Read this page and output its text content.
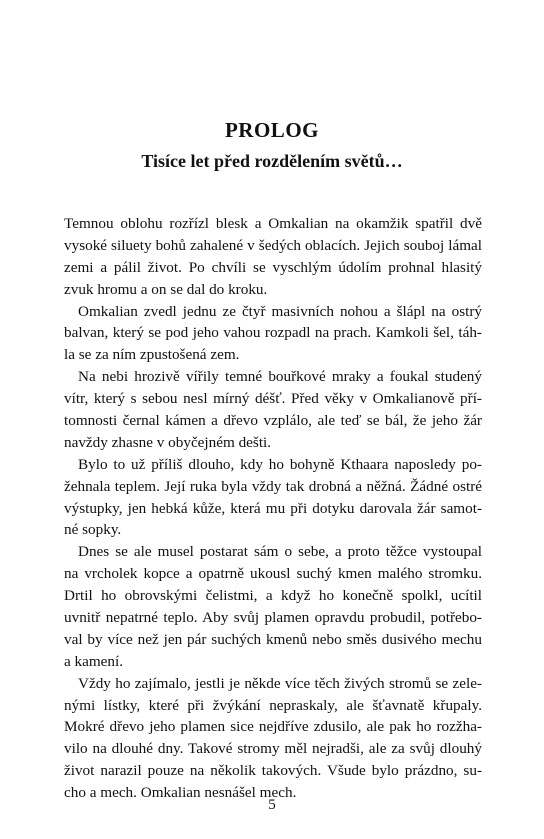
PROLOG
Tisíce let před rozdělením světů…
Temnou oblohu rozřízl blesk a Omkalian na okamžik spatřil dvě
vysoké siluety bohů zahalené v šedých oblacích. Jejich souboj lámal
zemi a pálil život. Po chvíli se vyschlým údolím prohnal hlasitý
zvuk hromu a on se dal do kroku.
Omkalian zvedl jednu ze čtyř masivních nohou a šlápl na ostrý
balvan, který se pod jeho vahou rozpadl na prach. Kamkoli šel, táh-
la se za ním zpustošená zem.
Na nebi hrozivě vířily temné bouřkové mraky a foukal studený
vítr, který s sebou nesl mírný déšť. Před věky v Omkalianově pří-
tomnosti černal kámen a dřevo vzplálo, ale teď se bál, že jeho žár
navždy zhasne v obyčejném dešti.
Bylo to už příliš dlouho, kdy ho bohyně Kthaara naposledy po-
žehnala teplem. Její ruka byla vždy tak drobná a něžná. Žádné ostré
výstupky, jen hebká kůže, která mu při dotyku darovala žár samot-
né sopky.
Dnes se ale musel postarat sám o sebe, a proto těžce vystoupal
na vrcholek kopce a opatrně ukousl suchý kmen malého stromku.
Drtil ho obrovskými čelistmi, a když ho konečně spolkl, ucítil
uvnitř nepatrné teplo. Aby svůj plamen opravdu probudil, potřebo-
val by více než jen pár suchých kmenů nebo směs dusivého mechu
a kamení.
Vždy ho zajímalo, jestli je někde více těch živých stromů se zele-
nými lístky, které při žvýkání nepraskaly, ale šťavnatě křupaly.
Mokré dřevo jeho plamen sice nejdříve zdusilo, ale pak ho rozžha-
vilo na dlouhé dny. Takové stromy měl nejradši, ale za svůj dlouhý
život narazil pouze na několik takových. Všude bylo prázdno, su-
cho a mech. Omkalian nesnášel mech.
5
